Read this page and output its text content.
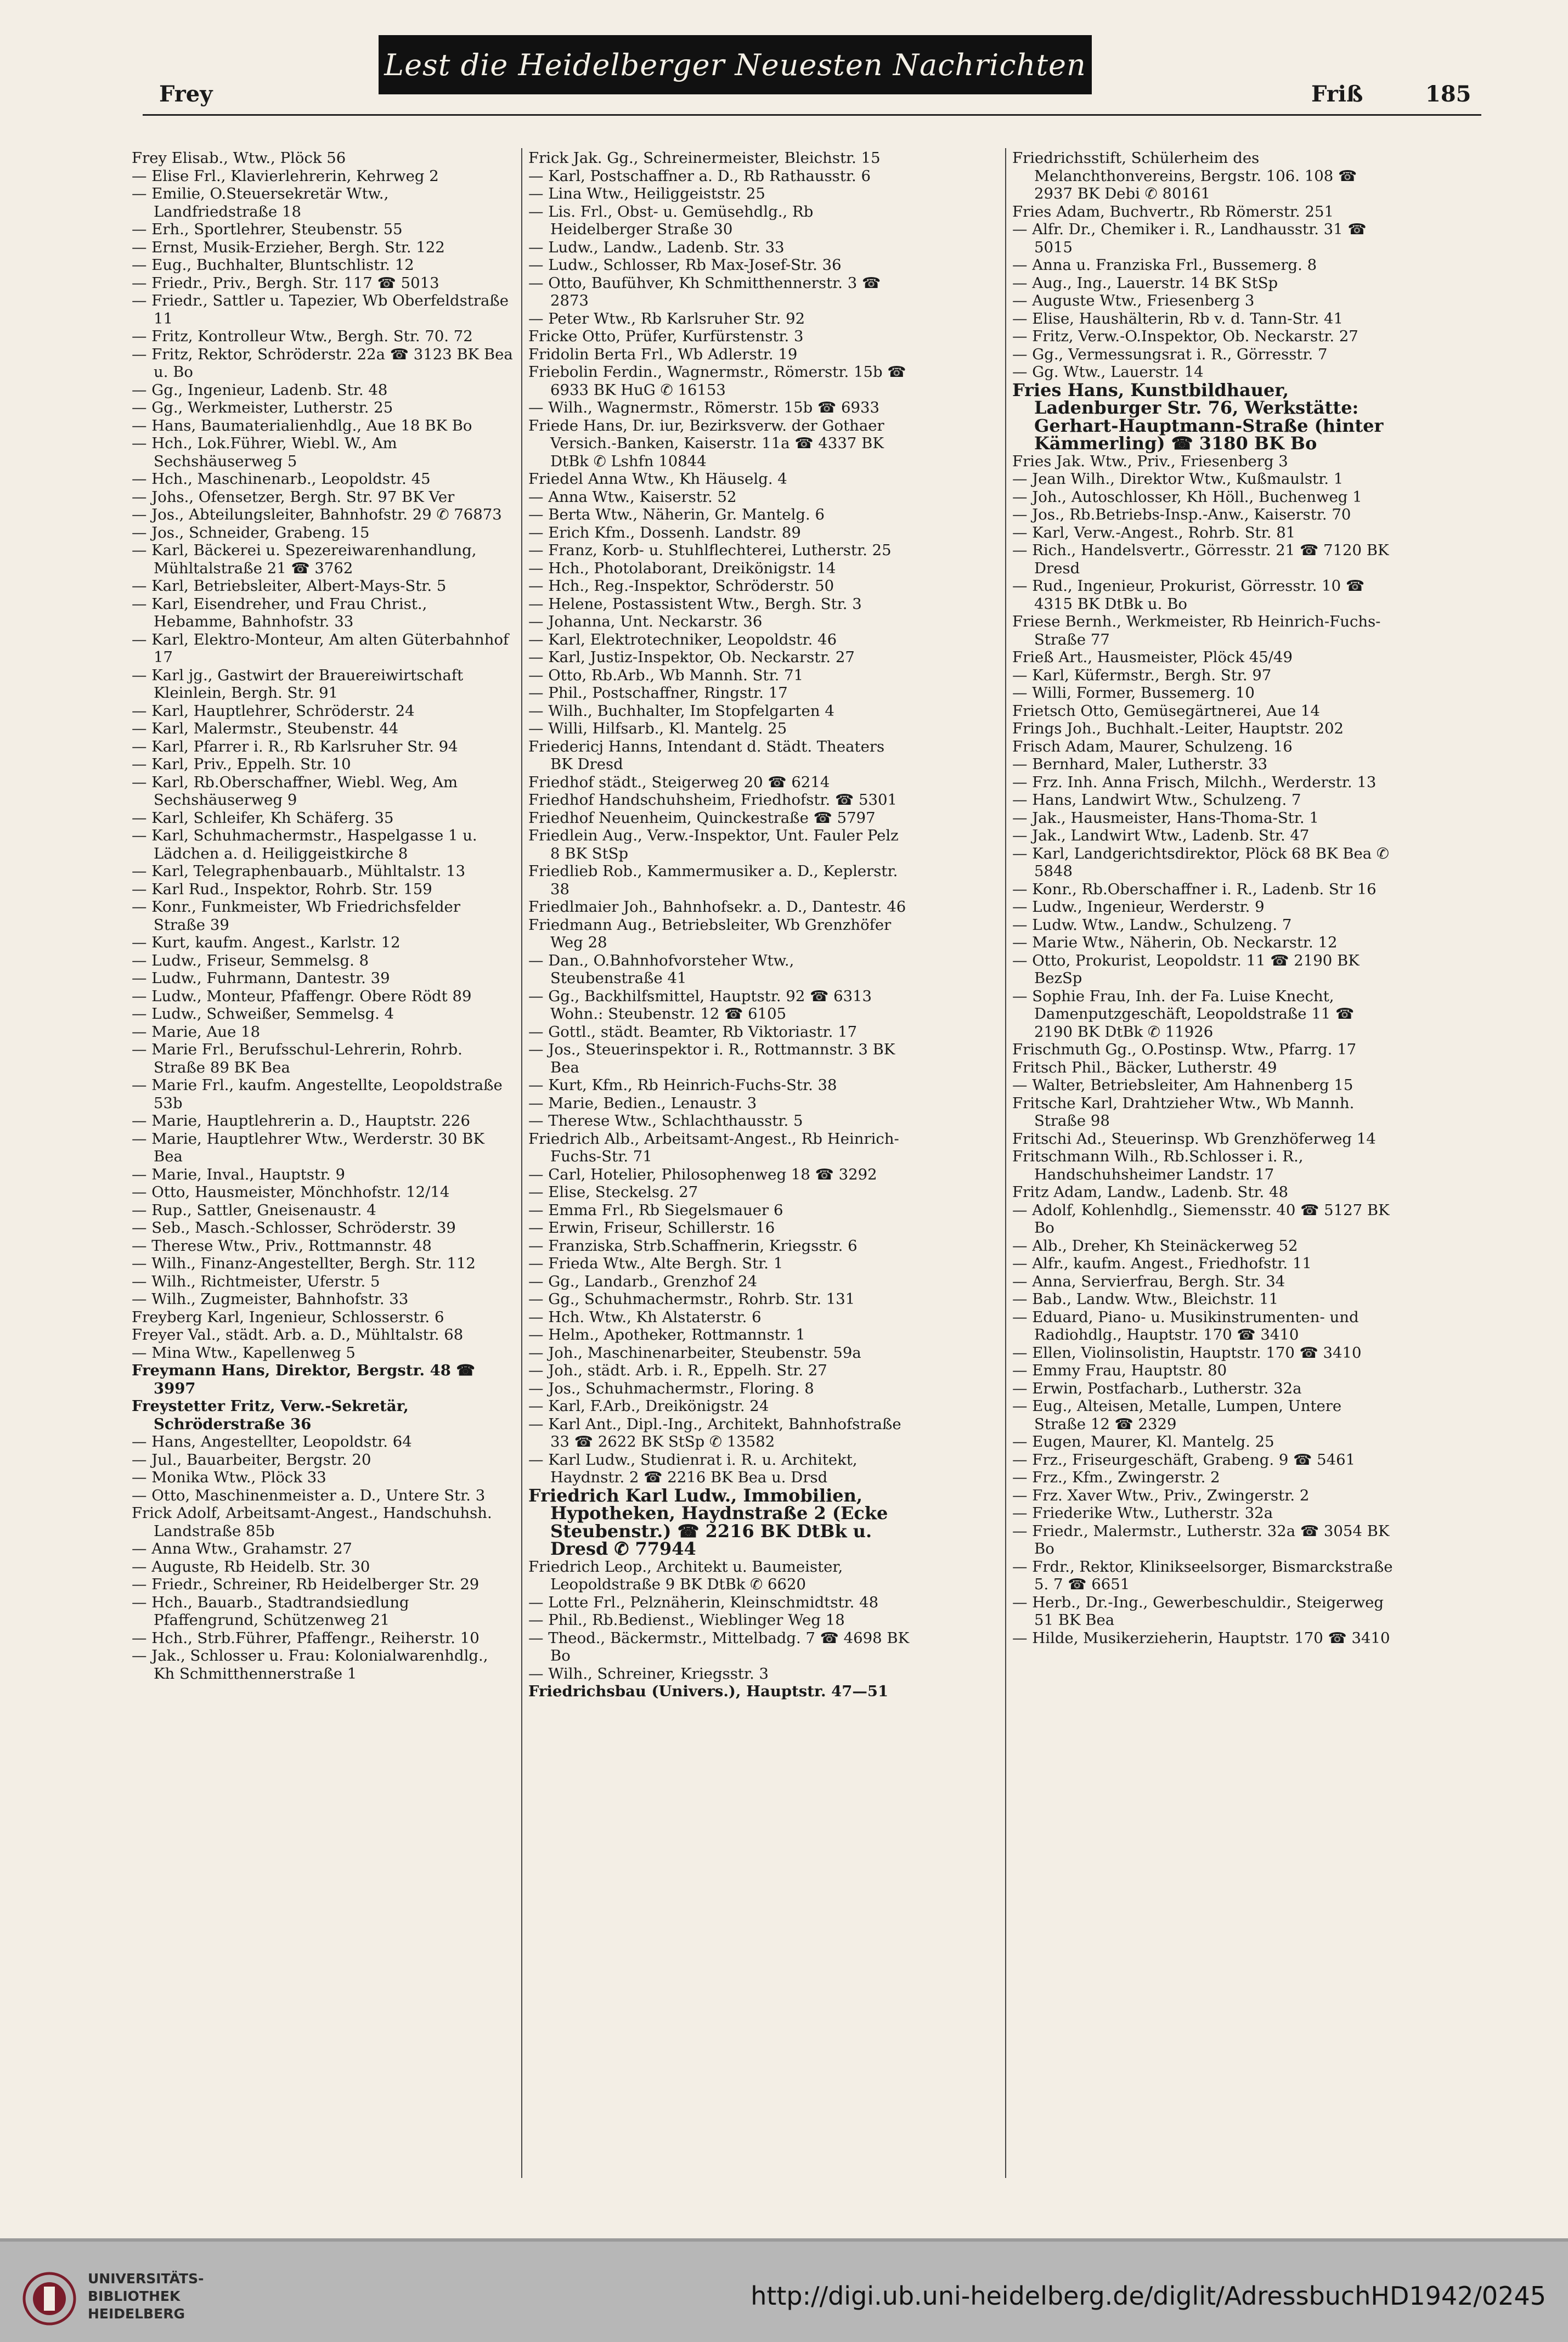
Lest die Heidelberger Neuesten Nachrichten
Frey	Friß	185
Frey Elisab., Wtw., Plöck 56
— Elise Frl., Klavierlehrerin, Kehrweg 2
— Emilie, O.Steuersekretär Wtw., Landfriedstraße 18
— Erh., Sportlehrer, Steubenstr. 55
— Ernst, Musik-Erzieher, Bergh. Str. 122
— Eug., Buchhalter, Bluntschlistr. 12
— Friedr., Priv., Bergh. Str. 117 ☎ 5013
— Friedr., Sattler u. Tapezier, Wb Oberfeldstraße 11
— Fritz, Kontrolleur Wtw., Bergh. Str. 70. 72
— Fritz, Rektor, Schröderstr. 22a ☎ 3123 BK Bea u. Bo
— Gg., Ingenieur, Ladenb. Str. 48
— Gg., Werkmeister, Lutherstr. 25
— Hans, Baumaterialienhdlg., Aue 18 BK Bo
— Hch., Lok.Führer, Wiebl. W., Am Sechshäuserweg 5
— Hch., Maschinenarb., Leopoldstr. 45
— Johs., Ofensetzer, Bergh. Str. 97 BK Ver
— Jos., Abteilungsleiter, Bahnhofstr. 29 ✆ 76873
— Jos., Schneider, Grabeng. 15
— Karl, Bäckerei u. Spezereiwarenhandlung, Mühltalstraße 21 ☎ 3762
— Karl, Betriebsleiter, Albert-Mays-Str. 5
— Karl, Eisendreher, und Frau Christ., Hebamme, Bahnhofstr. 33
— Karl, Elektro-Monteur, Am alten Güterbahnhof 17
— Karl jg., Gastwirt der Brauereiwirtschaft Kleinlein, Bergh. Str. 91
— Karl, Hauptlehrer, Schröderstr. 24
— Karl, Malermstr., Steubenstr. 44
— Karl, Pfarrer i. R., Rb Karlsruher Str. 94
— Karl, Priv., Eppelh. Str. 10
— Karl, Rb.Oberschaffner, Wiebl. Weg, Am Sechshäuserweg 9
— Karl, Schleifer, Kh Schäferg. 35
— Karl, Schuhmachermstr., Haspelgasse 1 u. Lädchen a. d. Heiliggeistkirche 8
— Karl, Telegraphenbauarb., Mühltalstr. 13
— Karl Rud., Inspektor, Rohrb. Str. 159
— Konr., Funkmeister, Wb Friedrichsfelder Straße 39
— Kurt, kaufm. Angest., Karlstr. 12
— Ludw., Friseur, Semmelsg. 8
— Ludw., Fuhrmann, Dantestr. 39
— Ludw., Monteur, Pfaffengr. Obere Rödt 89
— Ludw., Schweißer, Semmelsg. 4
— Marie, Aue 18
— Marie Frl., Berufsschul-Lehrerin, Rohrb. Straße 89 BK Bea
— Marie Frl., kaufm. Angestellte, Leopoldstraße 53b
— Marie, Hauptlehrerin a. D., Hauptstr. 226
— Marie, Hauptlehrer Wtw., Werderstr. 30 BK Bea
— Marie, Inval., Hauptstr. 9
— Otto, Hausmeister, Mönchhofstr. 12/14
— Rup., Sattler, Gneisenaustr. 4
— Seb., Masch.-Schlosser, Schröderstr. 39
— Therese Wtw., Priv., Rottmannstr. 48
— Wilh., Finanz-Angestellter, Bergh. Str. 112
— Wilh., Richtmeister, Uferstr. 5
— Wilh., Zugmeister, Bahnhofstr. 33
Freyberg Karl, Ingenieur, Schlosserstr. 6
Freyer Val., städt. Arb. a. D., Mühltalstr. 68
— Mina Wtw., Kapellenweg 5
Freymann Hans, Direktor, Bergstr. 48 ☎ 3997
Freystetter Fritz, Verw.-Sekretär, Schröderstraße 36
— Hans, Angestellter, Leopoldstr. 64
— Jul., Bauarbeiter, Bergstr. 20
— Monika Wtw., Plöck 33
— Otto, Maschinenmeister a. D., Untere Str. 3
Frick Adolf, Arbeitsamt-Angest., Handschuhsh. Landstraße 85b
— Anna Wtw., Grahamstr. 27
— Auguste, Rb Heidelb. Str. 30
— Friedr., Schreiner, Rb Heidelberger Str. 29
— Hch., Bauarb., Stadtrandsiedlung Pfaffengrund, Schützenweg 21
— Hch., Strb.Führer, Pfaffengr., Reiherstr. 10
— Jak., Schlosser u. Frau: Kolonialwarenhdlg., Kh Schmitthennerstraße 1
Frick Jak. Gg., Schreinermeister, Bleichstr. 15
— Karl, Postschaffner a. D., Rb Rathausstr. 6
— Lina Wtw., Heiliggeiststr. 25
— Lis. Frl., Obst- u. Gemüsehdlg., Rb Heidelberger Straße 30
— Ludw., Landw., Ladenb. Str. 33
— Ludw., Schlosser, Rb Max-Josef-Str. 36
— Otto, Baufühver, Kh Schmitthennerstr. 3 ☎ 2873
— Peter Wtw., Rb Karlsruher Str. 92
Fricke Otto, Prüfer, Kurfürstenstr. 3
Fridolin Berta Frl., Wb Adlerstr. 19
Friebolin Ferdin., Wagnermstr., Römerstr. 15b ☎ 6933 BK HuG ✆ 16153
— Wilh., Wagnermstr., Römerstr. 15b ☎ 6933
Friede Hans, Dr. iur, Bezirksverw. der Gothaer Versich.-Banken, Kaiserstr. 11a ☎ 4337 BK DtBk ✆ Lshfn 10844
Friedel Anna Wtw., Kh Häuselg. 4
— Anna Wtw., Kaiserstr. 52
— Berta Wtw., Näherin, Gr. Mantelg. 6
— Erich Kfm., Dossenh. Landstr. 89
— Franz, Korb- u. Stuhlflechterei, Lutherstr. 25
— Hch., Photolaborant, Dreikönigstr. 14
— Hch., Reg.-Inspektor, Schröderstr. 50
— Helene, Postassistent Wtw., Bergh. Str. 3
— Johanna, Unt. Neckarstr. 36
— Karl, Elektrotechniker, Leopoldstr. 46
— Karl, Justiz-Inspektor, Ob. Neckarstr. 27
— Otto, Rb.Arb., Wb Mannh. Str. 71
— Phil., Postschaffner, Ringstr. 17
— Wilh., Buchhalter, Im Stopfelgarten 4
— Willi, Hilfsarb., Kl. Mantelg. 25
Friedericj Hanns, Intendant d. Städt. Theaters BK Dresd
Friedhof städt., Steigerweg 20 ☎ 6214
Friedhof Handschuhsheim, Friedhofstr. ☎ 5301
Friedhof Neuenheim, Quinckestraße ☎ 5797
Friedlein Aug., Verw.-Inspektor, Unt. Fauler Pelz 8 BK StSp
Friedlieb Rob., Kammermusiker a. D., Keplerstr. 38
Friedlmaier Joh., Bahnhofsekr. a. D., Dantestr. 46
Friedmann Aug., Betriebsleiter, Wb Grenzhöfer Weg 28
— Dan., O.Bahnhofvorsteher Wtw., Steubenstraße 41
— Gg., Backhilfsmittel, Hauptstr. 92 ☎ 6313 Wohn.: Steubenstr. 12 ☎ 6105
— Gottl., städt. Beamter, Rb Viktoriastr. 17
— Jos., Steuerinspektor i. R., Rottmannstr. 3 BK Bea
— Kurt, Kfm., Rb Heinrich-Fuchs-Str. 38
— Marie, Bedien., Lenaustr. 3
— Therese Wtw., Schlachthausstr. 5
Friedrich Alb., Arbeitsamt-Angest., Rb Heinrich-Fuchs-Str. 71
— Carl, Hotelier, Philosophenweg 18 ☎ 3292
— Elise, Steckelsg. 27
— Emma Frl., Rb Siegelsmauer 6
— Erwin, Friseur, Schillerstr. 16
— Franziska, Strb.Schaffnerin, Kriegsstr. 6
— Frieda Wtw., Alte Bergh. Str. 1
— Gg., Landarb., Grenzhof 24
— Gg., Schuhmachermstr., Rohrb. Str. 131
— Hch. Wtw., Kh Alstaterstr. 6
— Helm., Apotheker, Rottmannstr. 1
— Joh., Maschinenarbeiter, Steubenstr. 59a
— Joh., städt. Arb. i. R., Eppelh. Str. 27
— Jos., Schuhmachermstr., Floring. 8
— Karl, F.Arb., Dreikönigstr. 24
— Karl Ant., Dipl.-Ing., Architekt, Bahnhofstraße 33 ☎ 2622 BK StSp ✆ 13582
— Karl Ludw., Studienrat i. R. u. Architekt, Haydnstr. 2 ☎ 2216 BK Bea u. Drsd
Friedrich Karl Ludw., Immobilien, Hypotheken, Haydnstraße 2 (Ecke Steubenstr.) ☎ 2216 BK DtBk u. Dresd ✆ 77944
Friedrich Leop., Architekt u. Baumeister, Leopoldstraße 9 BK DtBk ✆ 6620
— Lotte Frl., Pelznäherin, Kleinschmidtstr. 48
— Phil., Rb.Bedienst., Wieblinger Weg 18
— Theod., Bäckermstr., Mittelbadg. 7 ☎ 4698 BK Bo
— Wilh., Schreiner, Kriegsstr. 3
Friedrichsbau (Univers.), Hauptstr. 47—51
Friedrichsstift, Schülerheim des Melanchthonvereins, Bergstr. 106. 108 ☎ 2937 BK Debi ✆ 80161
Fries Adam, Buchvertr., Rb Römerstr. 251
— Alfr. Dr., Chemiker i. R., Landhausstr. 31 ☎ 5015
— Anna u. Franziska Frl., Bussemerg. 8
— Aug., Ing., Lauerstr. 14 BK StSp
— Auguste Wtw., Friesenberg 3
— Elise, Haushälterin, Rb v. d. Tann-Str. 41
— Fritz, Verw.-O.Inspektor, Ob. Neckarstr. 27
— Gg., Vermessungsrat i. R., Görresstr. 7
— Gg. Wtw., Lauerstr. 14
Fries Hans, Kunstbildhauer, Ladenburger Str. 76, Werkstätte: Gerhart-Hauptmann-Straße (hinter Kämmerling) ☎ 3180 BK Bo
Fries Jak. Wtw., Priv., Friesenberg 3
— Jean Wilh., Direktor Wtw., Kußmaulstr. 1
— Joh., Autoschlosser, Kh Höll., Buchenweg 1
— Jos., Rb.Betriebs-Insp.-Anw., Kaiserstr. 70
— Karl, Verw.-Angest., Rohrb. Str. 81
— Rich., Handelsvertr., Görresstr. 21 ☎ 7120 BK Dresd
— Rud., Ingenieur, Prokurist, Görresstr. 10 ☎ 4315 BK DtBk u. Bo
Friese Bernh., Werkmeister, Rb Heinrich-Fuchs-Straße 77
Frieß Art., Hausmeister, Plöck 45/49
— Karl, Küfermstr., Bergh. Str. 97
— Willi, Former, Bussemerg. 10
Frietsch Otto, Gemüsegärtnerei, Aue 14
Frings Joh., Buchhalt.-Leiter, Hauptstr. 202
Frisch Adam, Maurer, Schulzeng. 16
— Bernhard, Maler, Lutherstr. 33
— Frz. Inh. Anna Frisch, Milchh., Werderstr. 13
— Hans, Landwirt Wtw., Schulzeng. 7
— Jak., Hausmeister, Hans-Thoma-Str. 1
— Jak., Landwirt Wtw., Ladenb. Str. 47
— Karl, Landgerichtsdirektor, Plöck 68 BK Bea ✆ 5848
— Konr., Rb.Oberschaffner i. R., Ladenb. Str 16
— Ludw., Ingenieur, Werderstr. 9
— Ludw. Wtw., Landw., Schulzeng. 7
— Marie Wtw., Näherin, Ob. Neckarstr. 12
— Otto, Prokurist, Leopoldstr. 11 ☎ 2190 BK BezSp
— Sophie Frau, Inh. der Fa. Luise Knecht, Damenputzgeschäft, Leopoldstraße 11 ☎ 2190 BK DtBk ✆ 11926
Frischmuth Gg., O.Postinsp. Wtw., Pfarrg. 17
Fritsch Phil., Bäcker, Lutherstr. 49
— Walter, Betriebsleiter, Am Hahnenberg 15
Fritsche Karl, Drahtzieher Wtw., Wb Mannh. Straße 98
Fritschi Ad., Steuerinsp. Wb Grenzhöferweg 14
Fritschmann Wilh., Rb.Schlosser i. R., Handschuhsheimer Landstr. 17
Fritz Adam, Landw., Ladenb. Str. 48
— Adolf, Kohlenhdlg., Siemensstr. 40 ☎ 5127 BK Bo
— Alb., Dreher, Kh Steinäckerweg 52
— Alfr., kaufm. Angest., Friedhofstr. 11
— Anna, Servierfrau, Bergh. Str. 34
— Bab., Landw. Wtw., Bleichstr. 11
— Eduard, Piano- u. Musikinstrumenten- und Radiohdlg., Hauptstr. 170 ☎ 3410
— Ellen, Violinsolistin, Hauptstr. 170 ☎ 3410
— Emmy Frau, Hauptstr. 80
— Erwin, Postfacharb., Lutherstr. 32a
— Eug., Alteisen, Metalle, Lumpen, Untere Straße 12 ☎ 2329
— Eugen, Maurer, Kl. Mantelg. 25
— Frz., Friseurgeschäft, Grabeng. 9 ☎ 5461
— Frz., Kfm., Zwingerstr. 2
— Frz. Xaver Wtw., Priv., Zwingerstr. 2
— Friederike Wtw., Lutherstr. 32a
— Friedr., Malermstr., Lutherstr. 32a ☎ 3054 BK Bo
— Frdr., Rektor, Klinikseelsorger, Bismarckstraße 5. 7 ☎ 6651
— Herb., Dr.-Ing., Gewerbeschuldir., Steigerweg 51 BK Bea
— Hilde, Musikerzieherin, Hauptstr. 170 ☎ 3410
UNIVERSITÄTS-
BIBLIOTHEK
HEIDELBERG
http://digi.ub.uni-heidelberg.de/diglit/AdressbuchHD1942/0245
